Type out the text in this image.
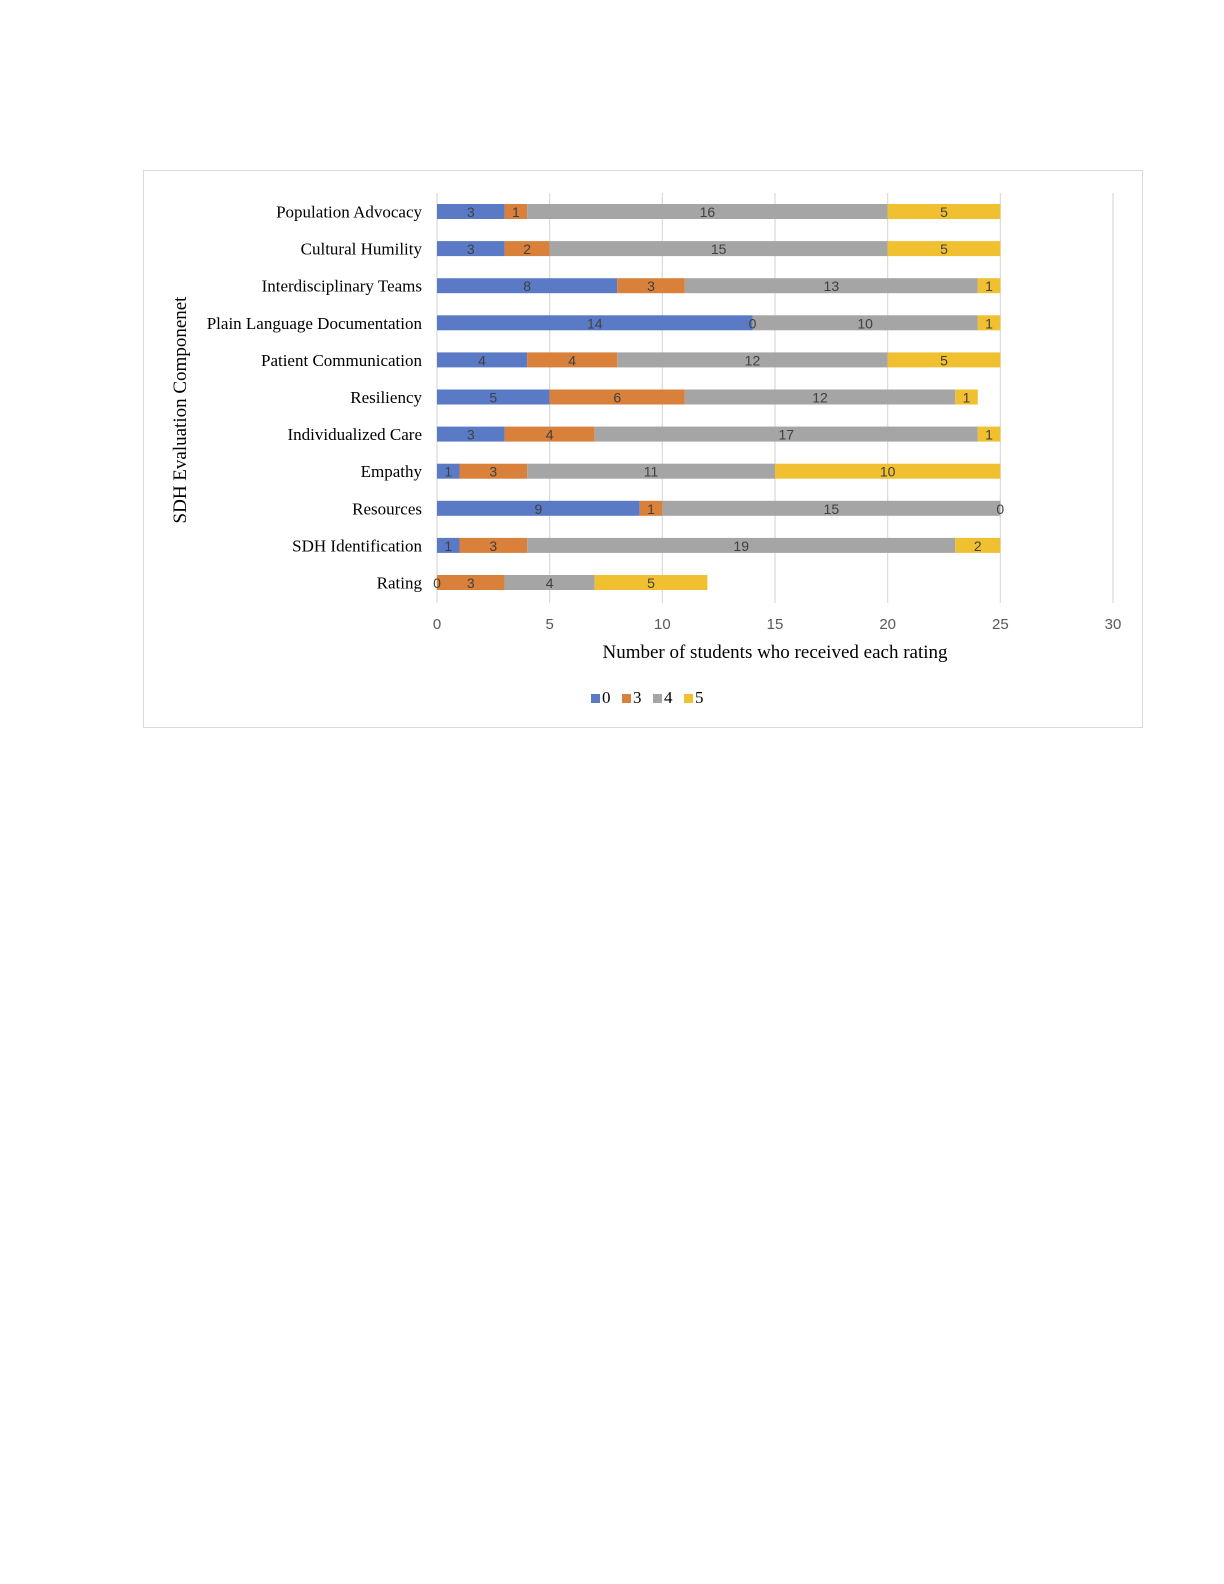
3	1	16	5
3	2	15	5
8	3	13	1
14	0	10	1
4	4	12	5
5	6	12	1
3	4	17	1
1	3	11	10
9	1	15	0
1	3	19	2
0 3	4	5
Population Advocacy
Cultural Humility
Interdisciplinary Teams
Plain Language Documentation
Patient Communication
Resiliency
Individualized Care
Empathy
Resources
SDH Identification
Rating
0	5	10	15	20	25	30
SDH Evaluation Componenet
Number of students who received each rating
0 3 4 5
